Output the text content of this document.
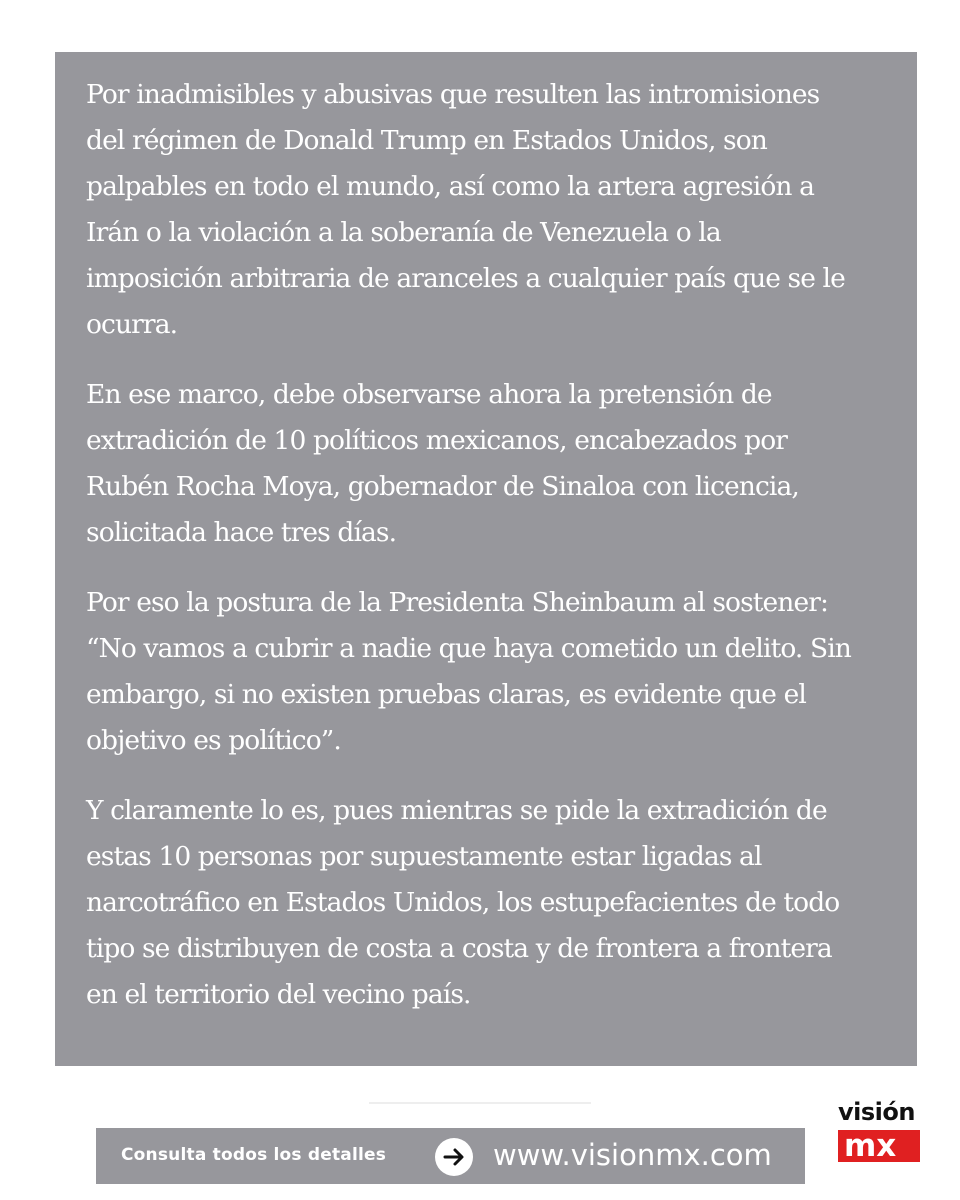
Por inadmisibles y abusivas que resulten las intromisiones
del régimen de Donald Trump en Estados Unidos, son
palpables en todo el mundo, así como la artera agresión a
Irán o la violación a la soberanía de Venezuela o la
imposición arbitraria de aranceles a cualquier país que se le
ocurra.

En ese marco, debe observarse ahora la pretensión de
extradición de 10 políticos mexicanos, encabezados por
Rubén Rocha Moya, gobernador de Sinaloa con licencia,
solicitada hace tres días.

Por eso la postura de la Presidenta Sheinbaum al sostener:
“No vamos a cubrir a nadie que haya cometido un delito. Sin
embargo, si no existen pruebas claras, es evidente que el
objetivo es político”.

Y claramente lo es, pues mientras se pide la extradición de
estas 10 personas por supuestamente estar ligadas al
narcotráfico en Estados Unidos, los estupefacientes de todo
tipo se distribuyen de costa a costa y de frontera a frontera
en el territorio del vecino país.

Consulta todos los detalles	www.visionmx.com
visión
mx
